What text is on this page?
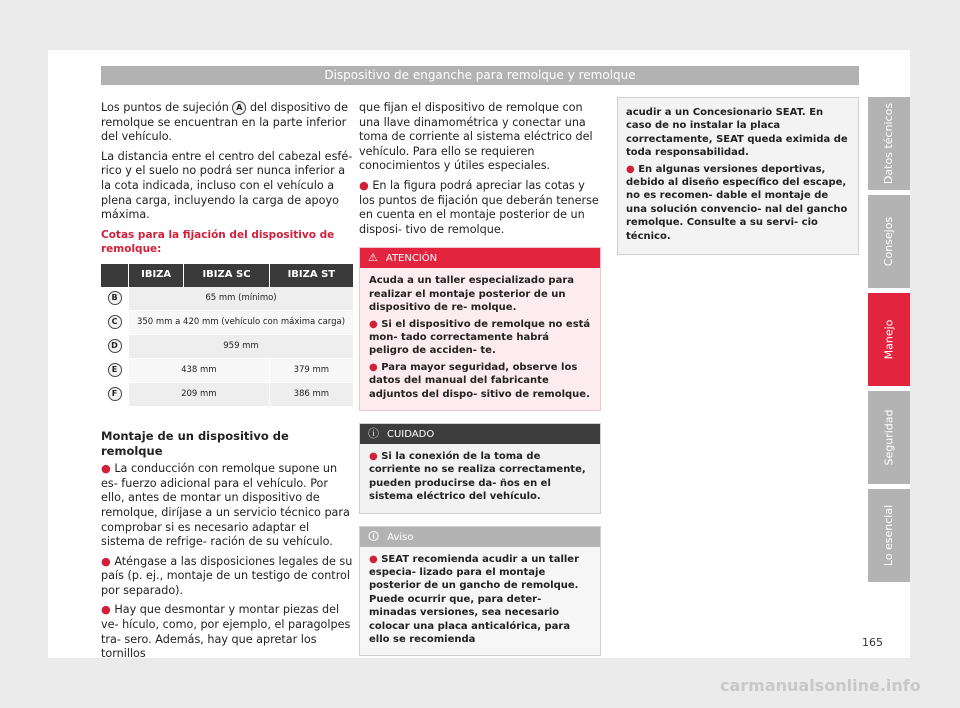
Dispositivo de enganche para remolque y remolque

Los puntos de sujeción A del dispositivo de remolque se encuentran en la parte inferior del vehículo.

La distancia entre el centro del cabezal esfé- rico y el suelo no podrá ser nunca inferior a la cota indicada, incluso con el vehículo a plena carga, incluyendo la carga de apoyo máxima.

Cotas para la fijación del dispositivo de remolque:
	IBIZA	IBIZA SC	IBIZA ST
B	65 mm (mínimo)		
C	350 mm a 420 mm (vehículo con máxima carga)		
D	959 mm		
E	438 mm		379 mm
F	209 mm		386 mm
Montaje de un dispositivo de remolque

● La conducción con remolque supone un es- fuerzo adicional para el vehículo. Por ello, antes de montar un dispositivo de remolque, diríjase a un servicio técnico para comprobar si es necesario adaptar el sistema de refrige- ración de su vehículo.

● Aténgase a las disposiciones legales de su país (p. ej., montaje de un testigo de control por separado).

● Hay que desmontar y montar piezas del ve- hículo, como, por ejemplo, el paragolpes tra- sero. Además, hay que apretar los tornillos

que fijan el dispositivo de remolque con una llave dinamométrica y conectar una toma de corriente al sistema eléctrico del vehículo. Para ello se requieren conocimientos y útiles especiales.

● En la figura podrá apreciar las cotas y los puntos de fijación que deberán tenerse en cuenta en el montaje posterior de un disposi- tivo de remolque.

⚠ ATENCIÓN

Acuda a un taller especializado para realizar el montaje posterior de un dispositivo de re- molque.

● Si el dispositivo de remolque no está mon- tado correctamente habrá peligro de acciden- te.

● Para mayor seguridad, observe los datos del manual del fabricante adjuntos del dispo- sitivo de remolque.

ⓘ CUIDADO

● Si la conexión de la toma de corriente no se realiza correctamente, pueden producirse da- ños en el sistema eléctrico del vehículo.

🛈 Aviso

● SEAT recomienda acudir a un taller especia- lizado para el montaje posterior de un gancho de remolque. Puede ocurrir que, para deter- minadas versiones, sea necesario colocar una placa anticalórica, para ello se recomienda

acudir a un Concesionario SEAT. En caso de no instalar la placa correctamente, SEAT queda eximida de toda responsabilidad.

● En algunas versiones deportivas, debido al diseño específico del escape, no es recomen- dable el montaje de una solución convencio- nal del gancho remolque. Consulte a su servi- cio técnico.

Datos técnicos
Consejos
Manejo
Seguridad
Lo esencial
165
carmanualsonline.info
